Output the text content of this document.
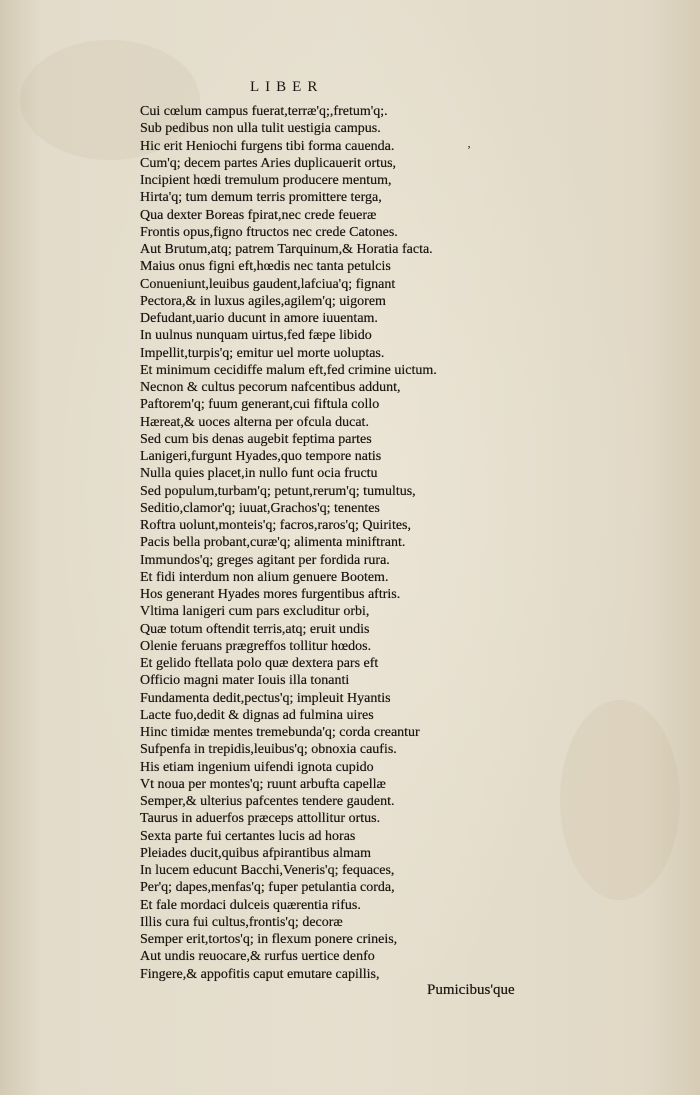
LIBER
ʼ
Cui cœlum campus fuerat,terræ'q;,fretum'q;.
Sub pedibus non ulla tulit uestigia campus.
Hic erit Heniochi furgens tibi forma cauenda.
Cum'q; decem partes Aries duplicauerit ortus,
Incipient hœdi tremulum producere mentum,
Hirta'q; tum demum terris promittere terga,
Qua dexter Boreas fpirat,nec crede feueræ
Frontis opus,figno ftructos nec crede Catones.
Aut Brutum,atq; patrem Tarquinum,& Horatia facta.
Maius onus figni eft,hœdis nec tanta petulcis
Conueniunt,leuibus gaudent,lafciua'q; fignant
Pectora,& in luxus agiles,agilem'q; uigorem
Defudant,uario ducunt in amore iuuentam.
In uulnus nunquam uirtus,fed fæpe libido
Impellit,turpis'q; emitur uel morte uoluptas.
Et minimum cecidiffe malum eft,fed crimine uictum.
Necnon & cultus pecorum nafcentibus addunt,
Paftorem'q; fuum generant,cui fiftula collo
Hæreat,& uoces alterna per ofcula ducat.
Sed cum bis denas augebit feptima partes
Lanigeri,furgunt Hyades,quo tempore natis
Nulla quies placet,in nullo funt ocia fructu
Sed populum,turbam'q; petunt,rerum'q; tumultus,
Seditio,clamor'q; iuuat,Grachos'q; tenentes
Roftra uolunt,monteis'q; facros,raros'q; Quirites,
Pacis bella probant,curæ'q; alimenta miniftrant.
Immundos'q; greges agitant per fordida rura.
Et fidi interdum non alium genuere Bootem.
Hos generant Hyades mores furgentibus aftris.
Vltima lanigeri cum pars excluditur orbi,
Quæ totum oftendit terris,atq; eruit undis
Olenie feruans prægreffos tollitur hœdos.
Et gelido ftellata polo quæ dextera pars eft
Officio magni mater Iouis illa tonanti
Fundamenta dedit,pectus'q; impleuit Hyantis
Lacte fuo,dedit & dignas ad fulmina uires
Hinc timidæ mentes tremebunda'q; corda creantur
Sufpenfa in trepidis,leuibus'q; obnoxia caufis.
His etiam ingenium uifendi ignota cupido
Vt noua per montes'q; ruunt arbufta capellæ
Semper,& ulterius pafcentes tendere gaudent.
Taurus in aduerfos præceps attollitur ortus.
Sexta parte fui certantes lucis ad horas
Pleiades ducit,quibus afpirantibus almam
In lucem educunt Bacchi,Veneris'q; fequaces,
Per'q; dapes,menfas'q; fuper petulantia corda,
Et fale mordaci dulceis quærentia rifus.
Illis cura fui cultus,frontis'q; decoræ
Semper erit,tortos'q; in flexum ponere crineis,
Aut undis reuocare,& rurfus uertice denfo
Fingere,& appofitis caput emutare capillis,
Pumicibus'que
